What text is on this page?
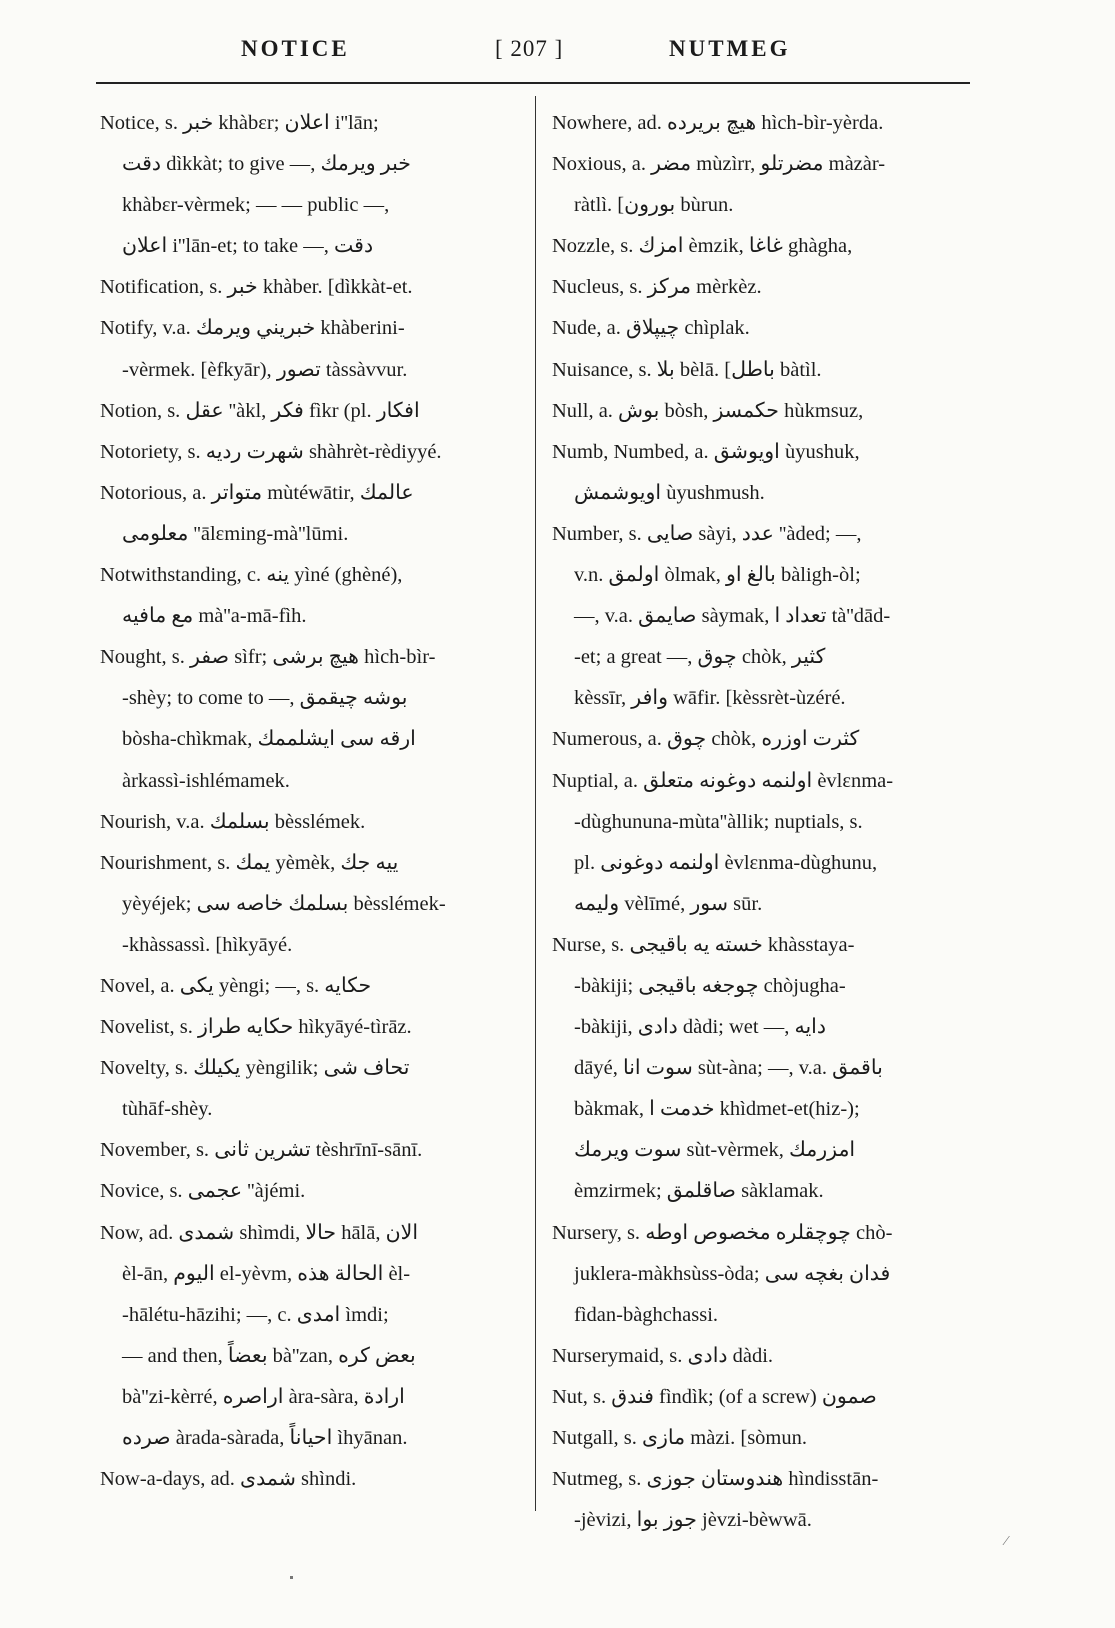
NOTICE	[ 207 ]	NUTMEG
Notice, s. خبر khàbɛr; اعلان i''lān;
دقت dìkkàt; to give —, خبر ويرمك
khàbɛr-vèrmek; — — public —,
اعلان i''lān-et; to take —, دقت
Notification, s. خبر khàber. [dìkkàt-et.
Notify, v.a. خبريني ويرمك khàberini-
-vèrmek. [èfkyār), تصور tàssàvvur.
Notion, s. عقل ''àkl, فكر fìkr (pl. افكار
Notoriety, s. شهرت رديه shàhrèt-rèdiyyé.
Notorious, a. متواتر mùtéwātir, عالمك
معلومى ''ālɛming-mà''lūmi.
Notwithstanding, c. ينه yìné (ghèné),
مع مافيه mà''a-mā-fìh.
Nought, s. صفر sìfr; هيچ برشى hìch-bìr-
-shèy; to come to —, بوشه چيقمق
bòsha-chìkmak, ارقه سى ايشلممك
àrkassì-ishlémamek.
Nourish, v.a. بسلمك bèsslémek.
Nourishment, s. يمك yèmèk, ييه جك
yèyéjek; بسلمك خاصه سى bèsslémek-
-khàssassì. [hìkyāyé.
Novel, a. يكى yèngi; —, s. حكايه
Novelist, s. حكايه طراز hìkyāyé-tìrāz.
Novelty, s. يكيلك yèngilik; تحاف شى
tùhāf-shèy.
November, s. تشرين ثانى tèshrīnī-sānī.
Novice, s. عجمى ''àjémi.
Now, ad. شمدى shìmdi, حالا hālā, الان
èl-ān, اليوم el-yèvm, الحالة هذه èl-
-hālétu-hāzihi; —, c. امدى ìmdi;
— and then, بعضاً bà''zan, بعض كره
bà''zi-kèrré, اراصره àra-sàra, ارادة
صرده àrada-sàrada, احياناً ìhyānan.
Now-a-days, ad. شمدى shìndi.
Nowhere, ad. هيچ بريرده hìch-bìr-yèrda.
Noxious, a. مضر mùzìrr, مضرتلو màzàr-
ràtlì. [بورون bùrun.
Nozzle, s. امزك èmzik, غاغا ghàgha,
Nucleus, s. مركز mèrkèz.
Nude, a. چيپلاق chìplak.
Nuisance, s. بلا bèlā. [باطل bàtìl.
Null, a. بوش bòsh, حكمسز hùkmsuz,
Numb, Numbed, a. اويوشق ùyushuk,
اويوشمش ùyushmush.
Number, s. صايى sàyi, عدد ''àded; —,
v.n. اولمق òlmak, بالغ او bàligh-òl;
—, v.a. صايمق sàymak, تعداد ا tà''dād-
-et; a great —, چوق chòk, كثير
kèssīr, وافر wāfir. [kèssrèt-ùzéré.
Numerous, a. چوق chòk, كثرت اوزره
Nuptial, a. اولنمه دوغونه متعلق èvlɛnma-
-dùghununa-mùta''àllik; nuptials, s.
pl. اولنمه دوغونى èvlɛnma-dùghunu,
وليمه vèlīmé, سور sūr.
Nurse, s. خسته يه باقيجى khàsstaya-
-bàkiji; چوجغه باقيجى chòjugha-
-bàkiji, دادى dàdi; wet —, دايه
dāyé, سوت انا sùt-àna; —, v.a. باقمق
bàkmak, خدمت ا khìdmet-et(hiz-);
سوت ويرمك sùt-vèrmek, امزرمك
èmzirmek; صاقلمق sàklamak.
Nursery, s. چوچقلره مخصوص اوطه chò-
juklera-màkhsùss-òda; فدان بغچه سى
fìdan-bàghchassi.
Nurserymaid, s. دادى dàdi.
Nut, s. فندق fìndìk; (of a screw) صمون
Nutgall, s. مازى màzi. [sòmun.
Nutmeg, s. هندوستان جوزى hìndisstān-
-jèvizi, جوز بوا jèvzi-bèwwā.
⁄
